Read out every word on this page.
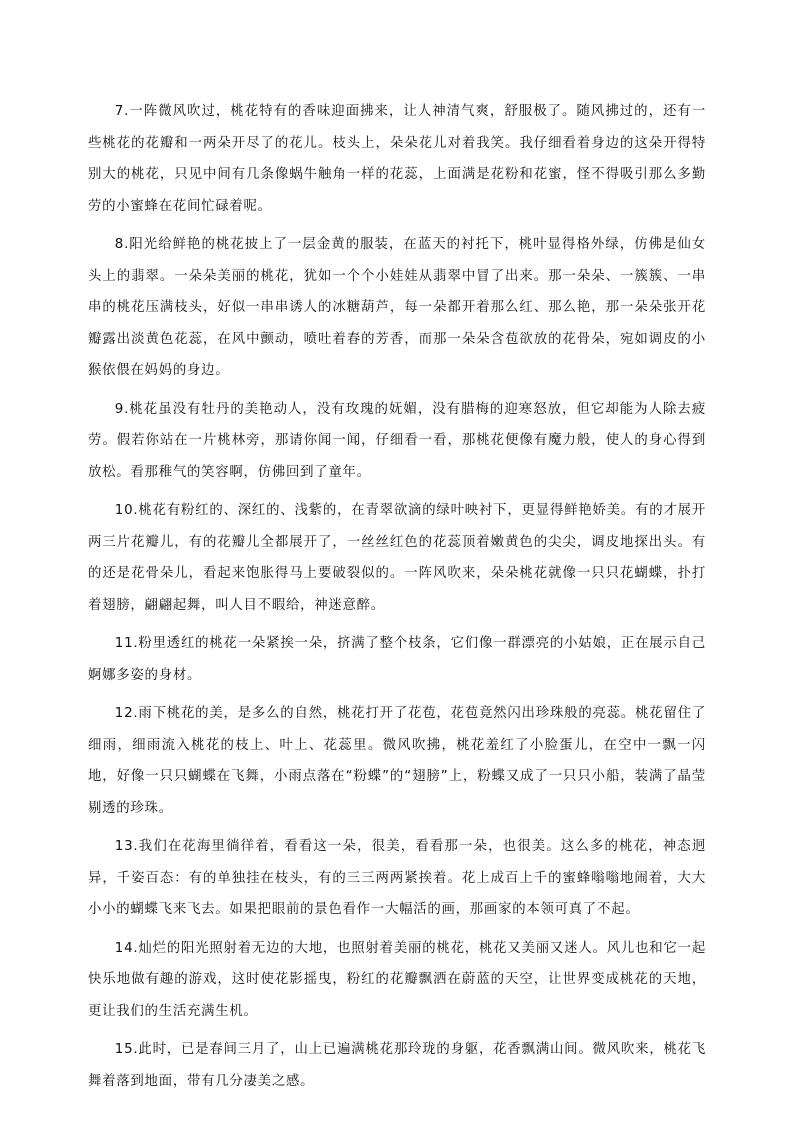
7.一阵微风吹过，桃花特有的香味迎面拂来，让人神清气爽，舒服极了。随风拂过的，还有一些桃花的花瓣和一两朵开尽了的花儿。枝头上，朵朵花儿对着我笑。我仔细看着身边的这朵开得特别大的桃花，只见中间有几条像蜗牛触角一样的花蕊，上面满是花粉和花蜜，怪不得吸引那么多勤劳的小蜜蜂在花间忙碌着呢。

8.阳光给鲜艳的桃花披上了一层金黄的服装，在蓝天的衬托下，桃叶显得格外绿，仿佛是仙女头上的翡翠。一朵朵美丽的桃花，犹如一个个小娃娃从翡翠中冒了出来。那一朵朵、一簇簇、一串串的桃花压满枝头，好似一串串诱人的冰糖葫芦，每一朵都开着那么红、那么艳，那一朵朵张开花瓣露出淡黄色花蕊，在风中颤动，喷吐着春的芳香，而那一朵朵含苞欲放的花骨朵，宛如调皮的小猴依偎在妈妈的身边。

9.桃花虽没有牡丹的美艳动人，没有玫瑰的妩媚，没有腊梅的迎寒怒放，但它却能为人除去疲劳。假若你站在一片桃林旁，那请你闻一闻，仔细看一看，那桃花便像有魔力般，使人的身心得到放松。看那稚气的笑容啊，仿佛回到了童年。

10.桃花有粉红的、深红的、浅紫的，在青翠欲滴的绿叶映衬下，更显得鲜艳娇美。有的才展开两三片花瓣儿，有的花瓣儿全都展开了，一丝丝红色的花蕊顶着嫩黄色的尖尖，调皮地探出头。有的还是花骨朵儿，看起来饱胀得马上要破裂似的。一阵风吹来，朵朵桃花就像一只只花蝴蝶，扑打着翅膀，翩翩起舞，叫人目不暇给，神迷意醉。

11.粉里透红的桃花一朵紧挨一朵，挤满了整个枝条，它们像一群漂亮的小姑娘，正在展示自己婀娜多姿的身材。

12.雨下桃花的美，是多么的自然，桃花打开了花苞，花苞竟然闪出珍珠般的亮蕊。桃花留住了细雨，细雨流入桃花的枝上、叶上、花蕊里。微风吹拂，桃花羞红了小脸蛋儿，在空中一飘一闪地，好像一只只蝴蝶在飞舞，小雨点落在“粉蝶”的“翅膀”上，粉蝶又成了一只只小船，装满了晶莹剔透的珍珠。

13.我们在花海里徜徉着，看看这一朵，很美，看看那一朵，也很美。这么多的桃花，神态迥异，千姿百态：有的单独挂在枝头，有的三三两两紧挨着。花上成百上千的蜜蜂嗡嗡地闹着，大大小小的蝴蝶飞来飞去。如果把眼前的景色看作一大幅活的画，那画家的本领可真了不起。

14.灿烂的阳光照射着无边的大地，也照射着美丽的桃花，桃花又美丽又迷人。风儿也和它一起快乐地做有趣的游戏，这时使花影摇曳，粉红的花瓣飘洒在蔚蓝的天空，让世界变成桃花的天地，更让我们的生活充满生机。

15.此时，已是春间三月了，山上已遍满桃花那玲珑的身躯，花香飘满山间。微风吹来，桃花飞舞着落到地面，带有几分凄美之感。
